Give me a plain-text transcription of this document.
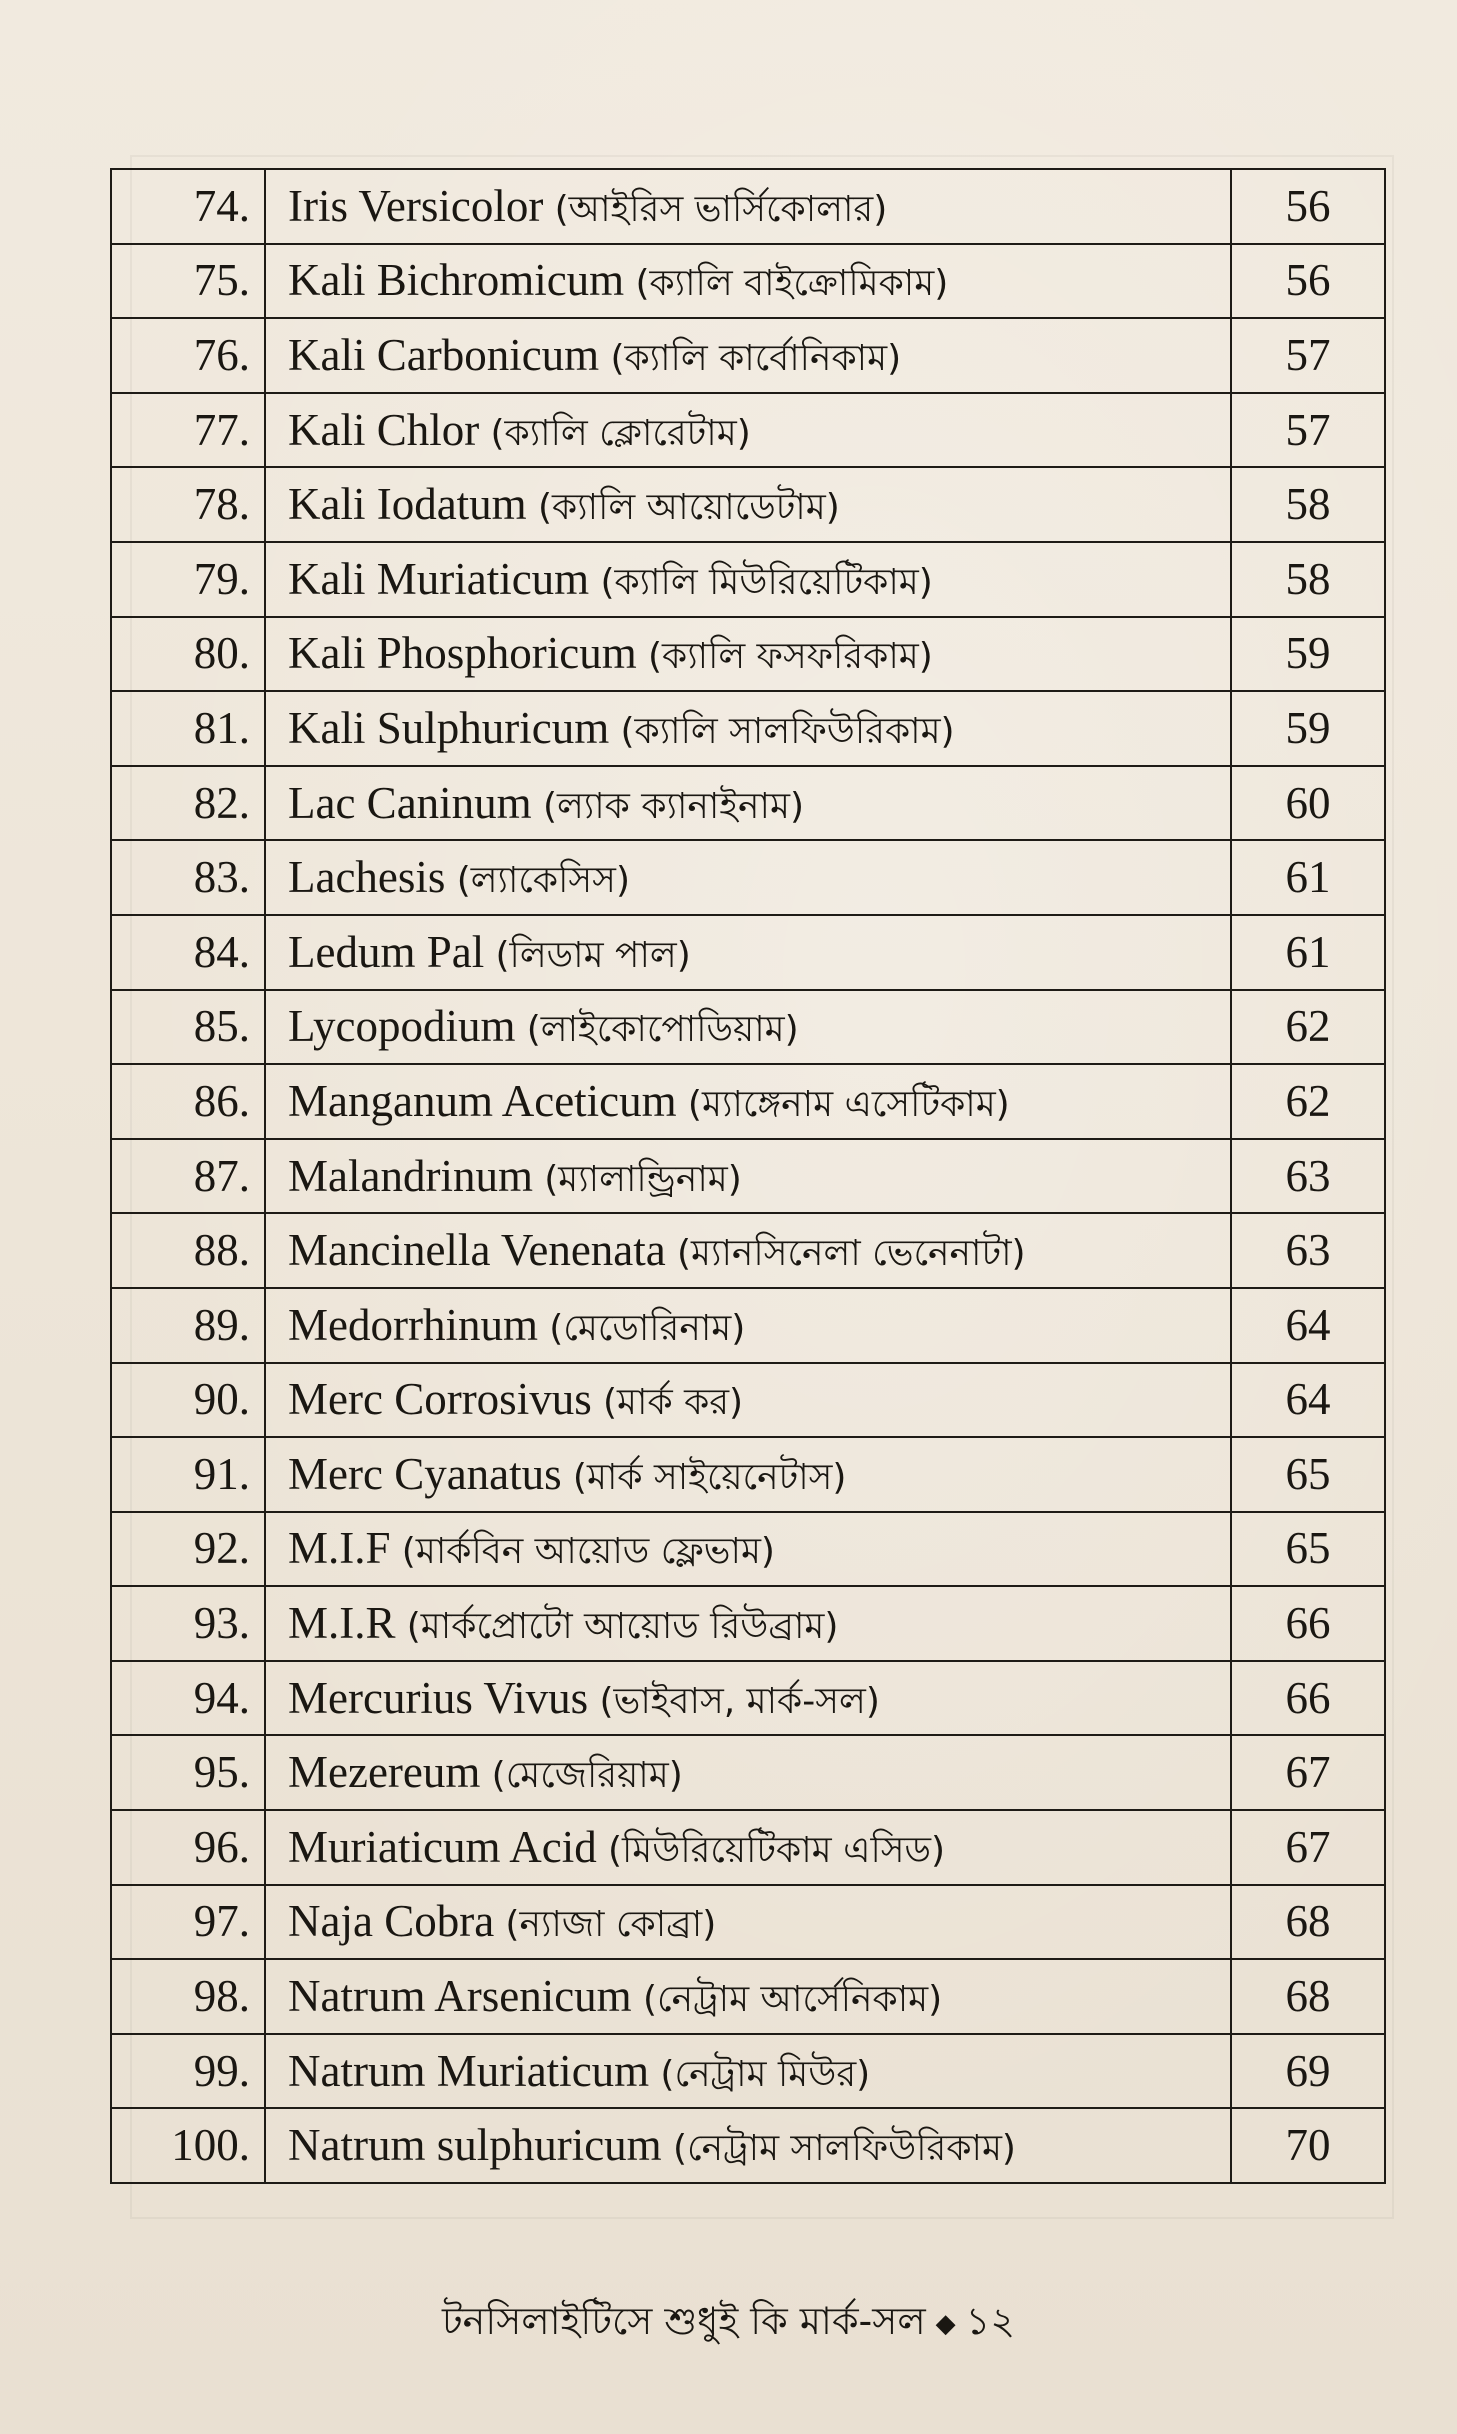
74.	Iris Versicolor (আইরিস ভার্সিকোলার)	56
75.	Kali Bichromicum (ক্যালি বাইক্রোমিকাম)	56
76.	Kali Carbonicum (ক্যালি কার্বোনিকাম)	57
77.	Kali Chlor (ক্যালি ক্লোরেটাম)	57
78.	Kali Iodatum (ক্যালি আয়োডেটাম)	58
79.	Kali Muriaticum (ক্যালি মিউরিয়েটিকাম)	58
80.	Kali Phosphoricum (ক্যালি ফসফরিকাম)	59
81.	Kali Sulphuricum (ক্যালি সালফিউরিকাম)	59
82.	Lac Caninum (ল্যাক ক্যানাইনাম)	60
83.	Lachesis (ল্যাকেসিস)	61
84.	Ledum Pal (লিডাম পাল)	61
85.	Lycopodium (লাইকোপোডিয়াম)	62
86.	Manganum Aceticum (ম্যাঙ্গেনাম এসেটিকাম)	62
87.	Malandrinum (ম্যালান্ড্রিনাম)	63
88.	Mancinella Venenata (ম্যানসিনেলা ভেনেনাটা)	63
89.	Medorrhinum (মেডোরিনাম)	64
90.	Merc Corrosivus (মার্ক কর)	64
91.	Merc Cyanatus (মার্ক সাইয়েনেটাস)	65
92.	M.I.F (মার্কবিন আয়োড ফ্লেভাম)	65
93.	M.I.R (মার্কপ্রোটো আয়োড রিউব্রাম)	66
94.	Mercurius Vivus (ভাইবাস, মার্ক-সল)	66
95.	Mezereum (মেজেরিয়াম)	67
96.	Muriaticum Acid (মিউরিয়েটিকাম এসিড)	67
97.	Naja Cobra (ন্যাজা কোব্রা)	68
98.	Natrum Arsenicum (নেট্রাম আর্সেনিকাম)	68
99.	Natrum Muriaticum (নেট্রাম মিউর)	69
100.	Natrum sulphuricum (নেট্রাম সালফিউরিকাম)	70
টনসিলাইটিসে শুধুই কি মার্ক-সল ◆ ১২
